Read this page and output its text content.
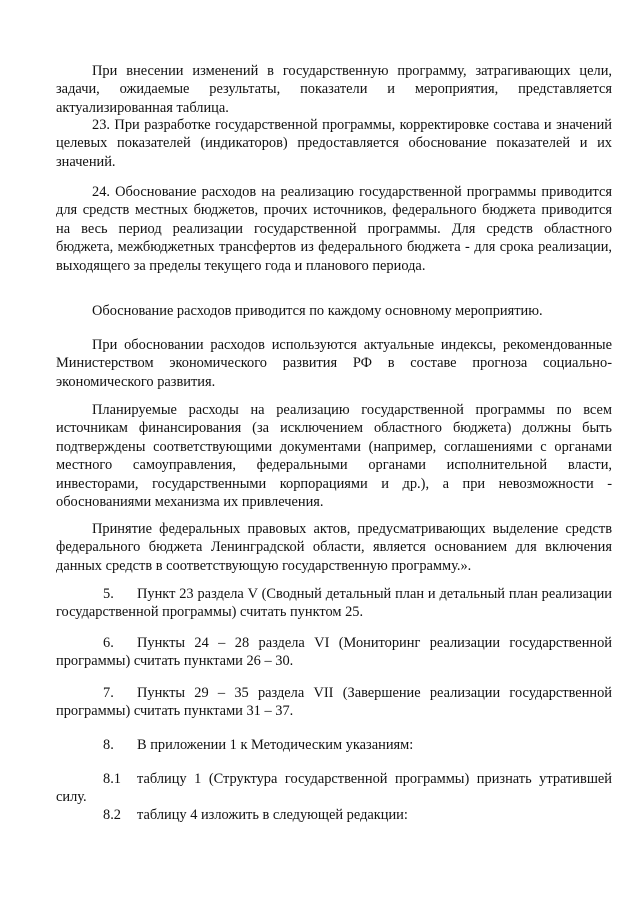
При внесении изменений в государственную программу, затрагивающих цели, задачи, ожидаемые результаты, показатели и мероприятия, представляется актуализированная таблица.

23. При разработке государственной программы, корректировке состава и значений целевых показателей (индикаторов) предоставляется обоснование показателей и их значений.

24. Обоснование расходов на реализацию государственной программы приводится для средств местных бюджетов, прочих источников, федерального бюджета приводится на весь период реализации государственной программы. Для средств областного бюджета, межбюджетных трансфертов из федерального бюджета - для срока реализации, выходящего за пределы текущего года и планового периода.

Обоснование расходов приводится по каждому основному мероприятию.

При обосновании расходов используются актуальные индексы, рекомендованные Министерством экономического развития РФ в составе прогноза социально-экономического развития.

Планируемые расходы на реализацию государственной программы по всем источникам финансирования (за исключением областного бюджета) должны быть подтверждены соответствующими документами (например, соглашениями с органами местного самоуправления, федеральными органами исполнительной власти, инвесторами, государственными корпорациями и др.), а при невозможности - обоснованиями механизма их привлечения.

Принятие федеральных правовых актов, предусматривающих выделение средств федерального бюджета Ленинградской области, является основанием для включения данных средств в соответствующую государственную программу.».

5. Пункт 23 раздела V (Сводный детальный план и детальный план реализации государственной программы) считать пунктом 25.

6. Пункты 24 – 28 раздела VI (Мониторинг реализации государственной программы) считать пунктами 26 – 30.

7. Пункты 29 – 35 раздела VII (Завершение реализации государственной программы) считать пунктами 31 – 37.

8. В приложении 1 к Методическим указаниям:

8.1 таблицу 1 (Структура государственной программы) признать утратившей силу.

8.2 таблицу 4 изложить в следующей редакции:
